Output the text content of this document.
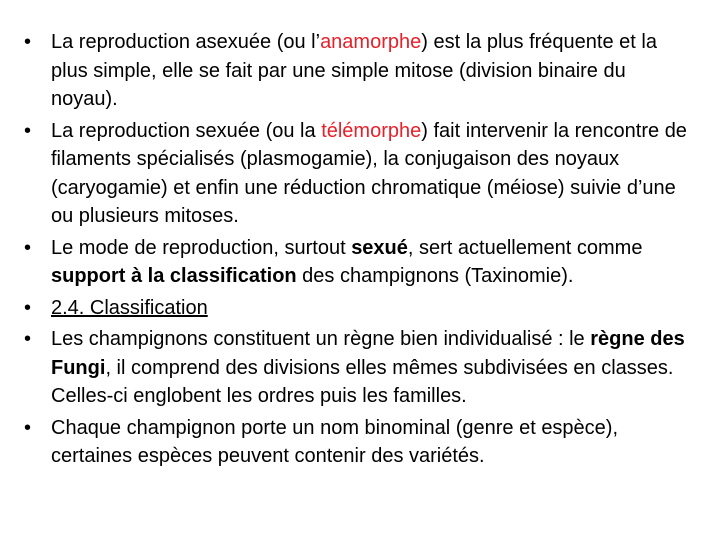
• La reproduction asexuée (ou l’anamorphe) est la plus fréquente et la plus simple, elle se fait par une simple mitose (division binaire du noyau).
• La reproduction sexuée (ou la télémorphe) fait intervenir la rencontre de filaments spécialisés (plasmogamie), la conjugaison des noyaux (caryogamie) et enfin une réduction chromatique (méiose) suivie d’une ou plusieurs mitoses.
• Le mode de reproduction, surtout sexué, sert actuellement comme support à la classification des champignons (Taxinomie).
• 2.4. Classification
• Les champignons constituent un règne bien individualisé : le règne des Fungi, il comprend des divisions elles mêmes subdivisées en classes. Celles-ci englobent les ordres puis les familles.
• Chaque champignon porte un nom binominal (genre et espèce), certaines espèces peuvent contenir des variétés.
